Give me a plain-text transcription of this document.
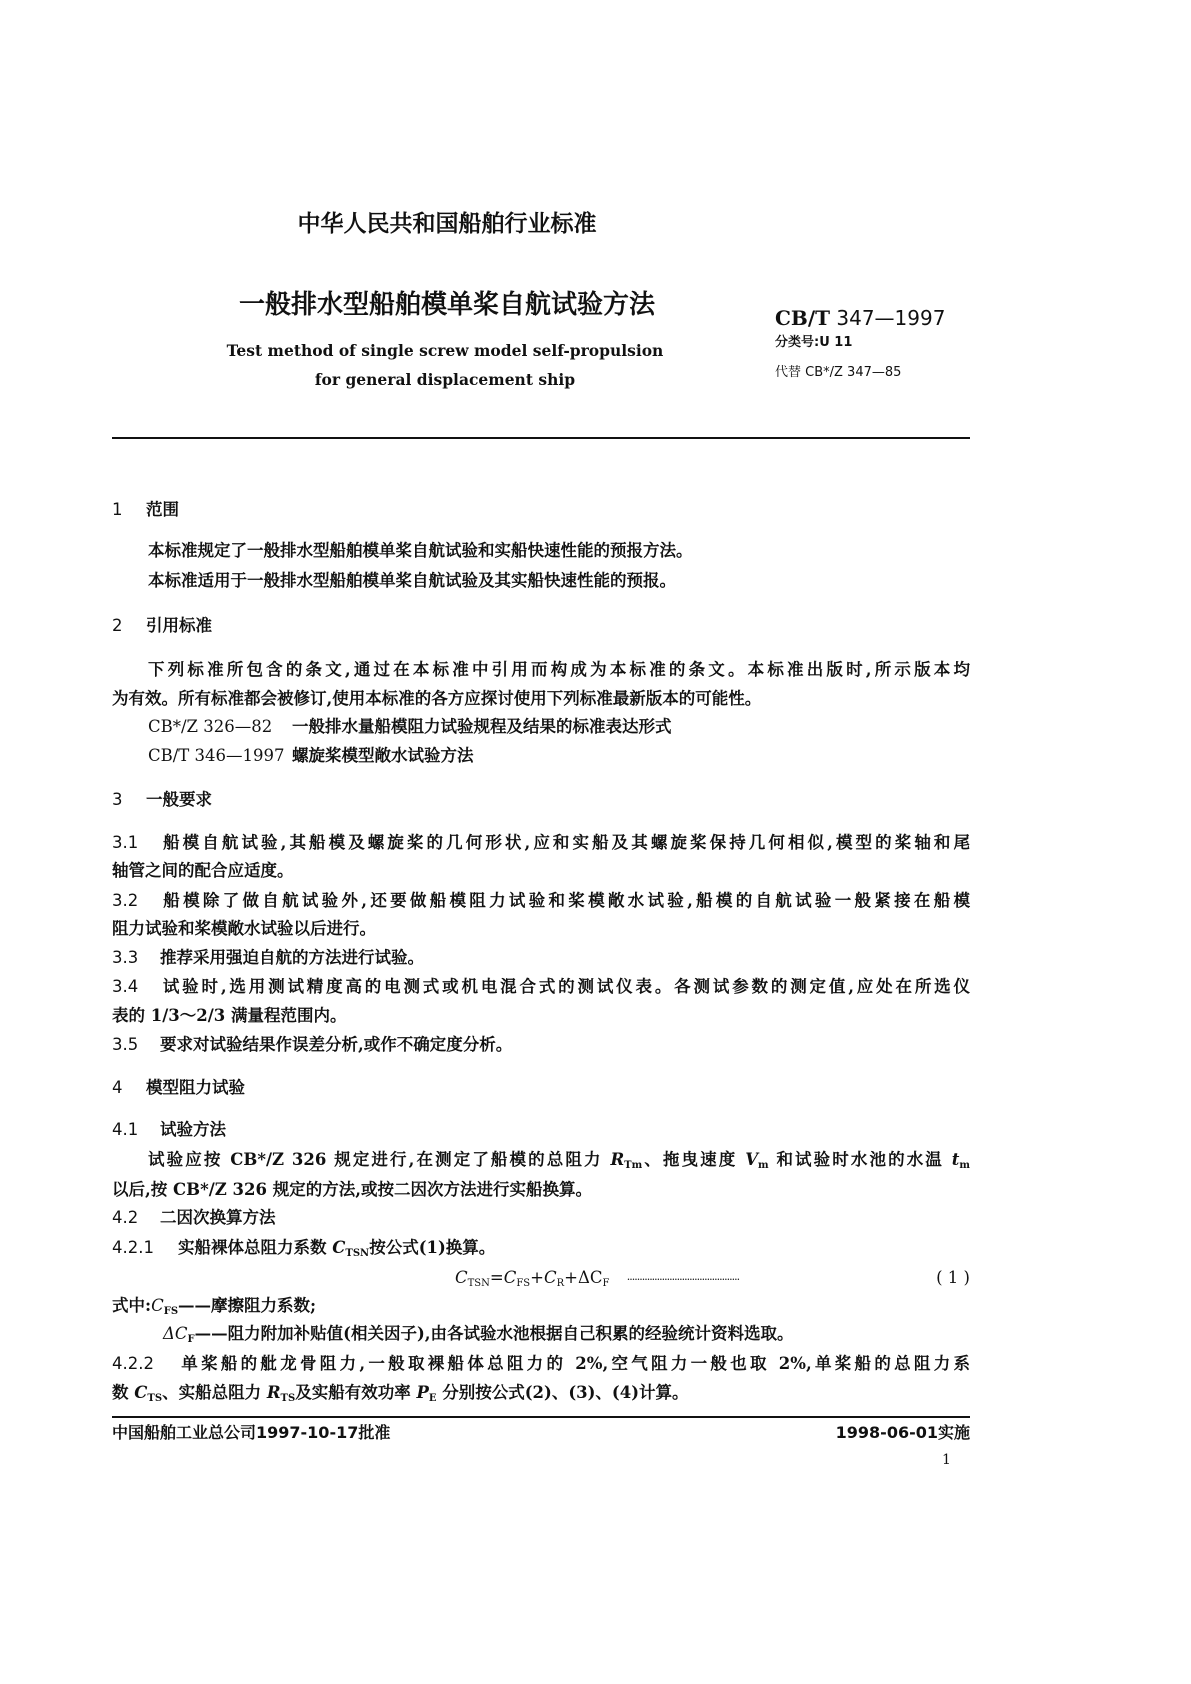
中华人民共和国船舶行业标准
一般排水型船舶模单桨自航试验方法
Test method of single screw model self-propulsion
for general displacement ship
CB/T 347—1997
分类号:U 11
代替 CB*/Z 347—85
1 范围
本标准规定了一般排水型船舶模单桨自航试验和实船快速性能的预报方法。
本标准适用于一般排水型船舶模单桨自航试验及其实船快速性能的预报。
2 引用标准
下列标准所包含的条文,通过在本标准中引用而构成为本标准的条文。本标准出版时,所示版本均
为有效。所有标准都会被修订,使用本标准的各方应探讨使用下列标准最新版本的可能性。
CB*/Z 326—82 一般排水量船模阻力试验规程及结果的标准表达形式
CB/T 346—1997 螺旋桨模型敞水试验方法
3 一般要求
3.1 船模自航试验,其船模及螺旋桨的几何形状,应和实船及其螺旋桨保持几何相似,模型的桨轴和尾
轴管之间的配合应适度。
3.2 船模除了做自航试验外,还要做船模阻力试验和桨模敞水试验,船模的自航试验一般紧接在船模
阻力试验和桨模敞水试验以后进行。
3.3 推荐采用强迫自航的方法进行试验。
3.4 试验时,选用测试精度高的电测式或机电混合式的测试仪表。各测试参数的测定值,应处在所选仪
表的 1/3～2/3 满量程范围内。
3.5 要求对试验结果作误差分析,或作不确定度分析。
4 模型阻力试验
4.1 试验方法
试验应按 CB*/Z 326 规定进行,在测定了船模的总阻力 $R_{Tm}$、拖曳速度 $V_m$ 和试验时水池的水温 $t_m$
以后,按 CB*/Z 326 规定的方法,或按二因次方法进行实船换算。
4.2 二因次换算方法
4.2.1 实船裸体总阻力系数 $C_{TSN}$按公式(1)换算。
$C_{TSN}=C_{FS}+C_R+\Delta C_F$ ·············································	( 1 )
式中$:C_{FS}——$摩擦阻力系数;
$\Delta C_F——$阻力附加补贴值(相关因子),由各试验水池根据自己积累的经验统计资料选取。
4.2.2 单桨船的舭龙骨阻力,一般取裸船体总阻力的 2%,空气阻力一般也取 2%,单桨船的总阻力系
数 $C_{TS}$、实船总阻力 $R_{TS}$及实船有效功率 $P_E$ 分别按公式(2)、(3)、(4)计算。
中国船舶工业总公司1997-10-17批准	1998-06-01实施
1
